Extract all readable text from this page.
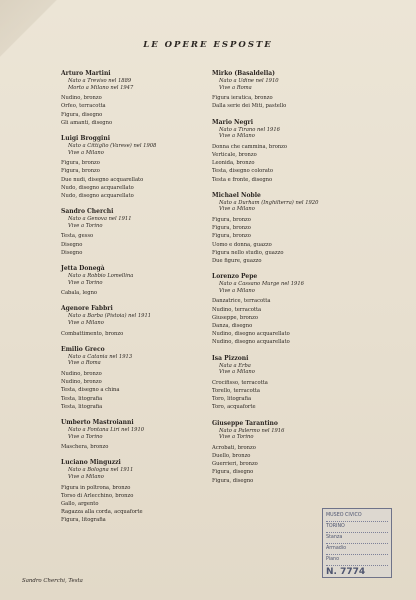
LE OPERE ESPOSTE
Arturo Martini
Nato a Treviso nel 1889
Morto a Milano nel 1947
Nudino, bronzo
Orfeo, terracotta
Figura, disegno
Gli amanti, disegno
Luigi Broggini
Nato a Cittiglio (Varese) nel 1908
Vive a Milano
Figura, bronzo
Figura, bronzo
Due nudi, disegno acquarellato
Nudo, disegno acquarellato
Nudo, disegno acquarellato
Sandro Cherchi
Nato a Genova nel 1911
Vive a Torino
Testa, gesso
Disegno
Disegno
Jetta Donegà
Nato a Robbio Lomellina
Vive a Torino
Cabala, legno
Agenore Fabbri
Nato a Barba (Pistoia) nel 1911
Vive a Milano
Combattimento, bronzo
Emilio Greco
Nato a Catania nel 1913
Vive a Roma
Nudino, bronzo
Nudino, bronzo
Testa, disegno a china
Testa, litografia
Testa, litografia
Umberto Mastroianni
Nato a Fontana Liri nel 1910
Vive a Torino
Maschera, bronzo
Luciano Minguzzi
Nato a Bologna nel 1911
Vive a Milano
Figura in poltrona, bronzo
Torso di Arlecchino, bronzo
Gallo, argento
Ragazza alla corda, acquaforte
Figura, litografia
Mirko (Basaldella)
Nato a Udine nel 1910
Vive a Roma
Figura ieratica, bronzo
Dalla serie dei Miti, pastello
Mario Negri
Nato a Tirano nel 1916
Vive a Milano
Donna che cammina, bronzo
Verticale, bronzo
Leonida, bronzo
Testa, disegno colorato
Testa e fronte, disegno
Michael Noble
Nato a Durham (Inghilterra) nel 1920
Vive a Milano
Figura, bronzo
Figura, bronzo
Figura, bronzo
Uomo e donna, guazzo
Figura nello studio, guazzo
Due figure, guazzo
Lorenzo Pepe
Nato a Cassano Murge nel 1916
Vive a Milano
Danzatrice, terracotta
Nudino, terracotta
Giuseppe, bronzo
Danza, disegno
Nudino, disegno acquarellato
Nudino, disegno acquarellato
Isa Pizzoni
Nata a Erba
Vive a Milano
Crocifisso, terracotta
Torello, terracotta
Toro, litografia
Toro, acquaforte
Giuseppe Tarantino
Nato a Palermo nel 1916
Vive a Torino
Acrobati, bronzo
Duello, bronzo
Guerrieri, bronzo
Figura, disegno
Figura, disegno
Sandro Cherchi, Testa
MUSEO CIVICO
TORINO
Stanza
Armadio
Piano
N. 7774
